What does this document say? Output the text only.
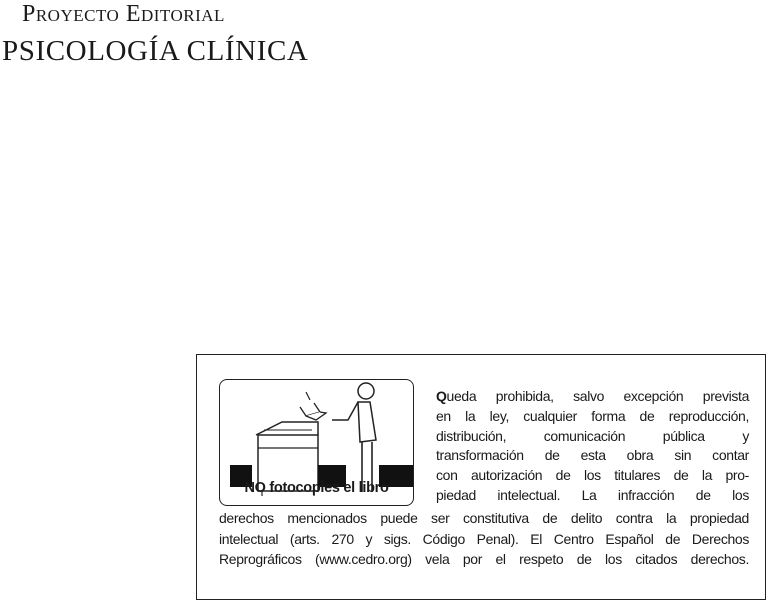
Proyecto Editorial
PSICOLOGÍA CLÍNICA
NO fotocopies el libro
Queda prohibida, salvo excepción prevista
en la ley, cualquier forma de reproducción,
distribución, comunicación pública y
transformación de esta obra sin contar
con autorización de los titulares de la pro-
piedad intelectual. La infracción de los
derechos mencionados puede ser constitutiva de delito contra la propiedad
intelectual (arts. 270 y sigs. Código Penal). El Centro Español de Derechos
Reprográficos (www.cedro.org) vela por el respeto de los citados derechos.
